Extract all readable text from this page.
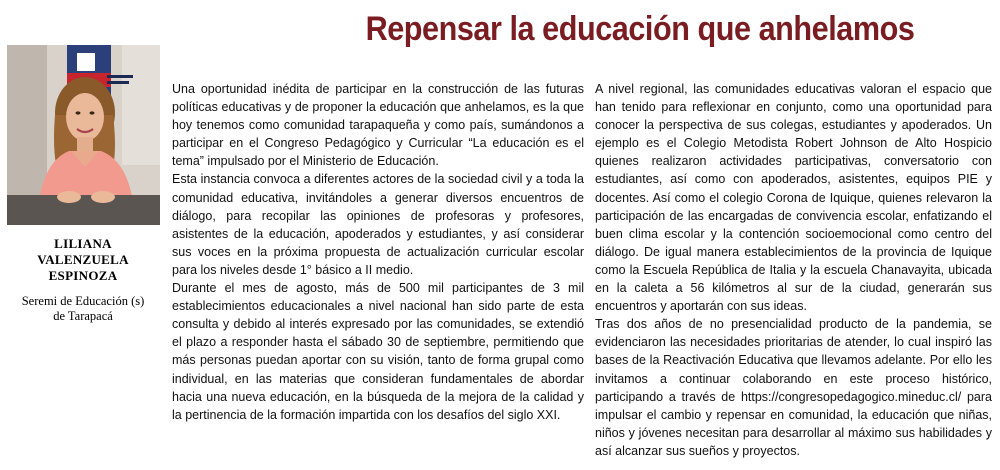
Repensar la educación que anhelamos
LILIANA
VALENZUELA
ESPINOZA
Seremi de Educación (s)
de Tarapacá
Una oportunidad inédita de participar en la construcción de las futuras políticas educativas y de proponer la educación que anhelamos, es la que hoy tenemos como comunidad tarapaqueña y como país, sumándonos a participar en el Congreso Pedagógico y Curricular “La educación es el tema” impulsado por el Ministerio de Educación.
Esta instancia convoca a diferentes actores de la sociedad civil y a toda la comunidad educativa, invitándoles a generar diversos encuentros de diálogo, para recopilar las opiniones de profesoras y profesores, asistentes de la educación, apoderados y estudiantes, y así considerar sus voces en la próxima propuesta de actualización curricular escolar para los niveles desde 1° básico a II medio.
Durante el mes de agosto, más de 500 mil participantes de 3 mil establecimientos educacionales a nivel nacional han sido parte de esta consulta y debido al interés expresado por las comunidades, se extendió el plazo a responder hasta el sábado 30 de septiembre, permitiendo que más personas puedan aportar con su visión, tanto de forma grupal como individual, en las materias que consideran fundamentales de abordar hacia una nueva educación, en la búsqueda de la mejora de la calidad y la pertinencia de la formación impartida con los desafíos del siglo XXI.
A nivel regional, las comunidades educativas valoran el espacio que han tenido para reflexionar en conjunto, como una oportunidad para conocer la perspectiva de sus colegas, estudiantes y apoderados. Un ejemplo es el Colegio Metodista Robert Johnson de Alto Hospicio quienes realizaron actividades participativas, conversatorio con estudiantes, así como con apoderados, asistentes, equipos PIE y docentes. Así como el colegio Corona de Iquique, quienes relevaron la participación de las encargadas de convivencia escolar, enfatizando el buen clima escolar y la contención socioemocional como centro del diálogo. De igual manera establecimientos de la provincia de Iquique como la Escuela República de Italia y la escuela Chanavayita, ubicada en la caleta a 56 kilómetros al sur de la ciudad, generarán sus encuentros y aportarán con sus ideas.
Tras dos años de no presencialidad producto de la pandemia, se evidenciaron las necesidades prioritarias de atender, lo cual inspiró las bases de la Reactivación Educativa que llevamos adelante. Por ello les invitamos a continuar colaborando en este proceso histórico, participando a través de https://congresopedagogico.mineduc.cl/ para impulsar el cambio y repensar en comunidad, la educación que niñas, niños y jóvenes necesitan para desarrollar al máximo sus habilidades y así alcanzar sus sueños y proyectos.
